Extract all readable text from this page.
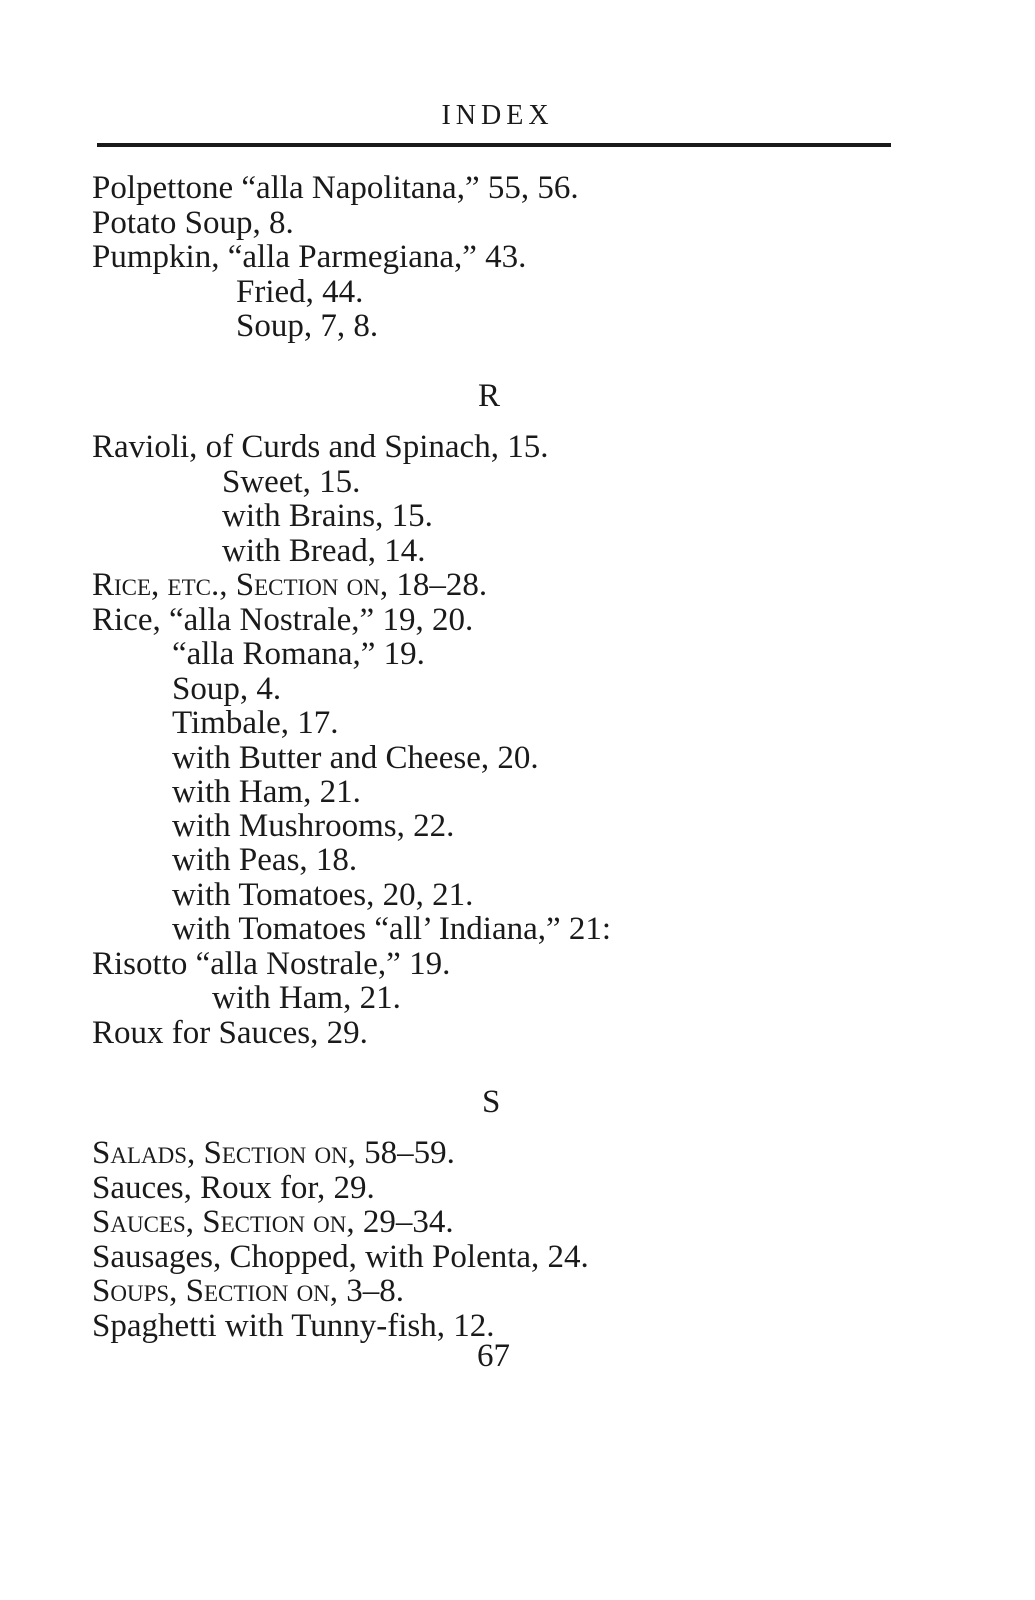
INDEX
Polpettone “alla Napolitana,” 55, 56.
Potato Soup, 8.
Pumpkin, “alla Parmegiana,” 43.
Fried, 44.
Soup, 7, 8.
R
Ravioli, of Curds and Spinach, 15.
Sweet, 15.
with Brains, 15.
with Bread, 14.
Rice, etc., Section on, 18–28.
Rice, “alla Nostrale,” 19, 20.
“alla Romana,” 19.
Soup, 4.
Timbale, 17.
with Butter and Cheese, 20.
with Ham, 21.
with Mushrooms, 22.
with Peas, 18.
with Tomatoes, 20, 21.
with Tomatoes “all’ Indiana,” 21:
Risotto “alla Nostrale,” 19.
with Ham, 21.
Roux for Sauces, 29.
S
Salads, Section on, 58–59.
Sauces, Roux for, 29.
Sauces, Section on, 29–34.
Sausages, Chopped, with Polenta, 24.
Soups, Section on, 3–8.
Spaghetti with Tunny-fish, 12.
67
